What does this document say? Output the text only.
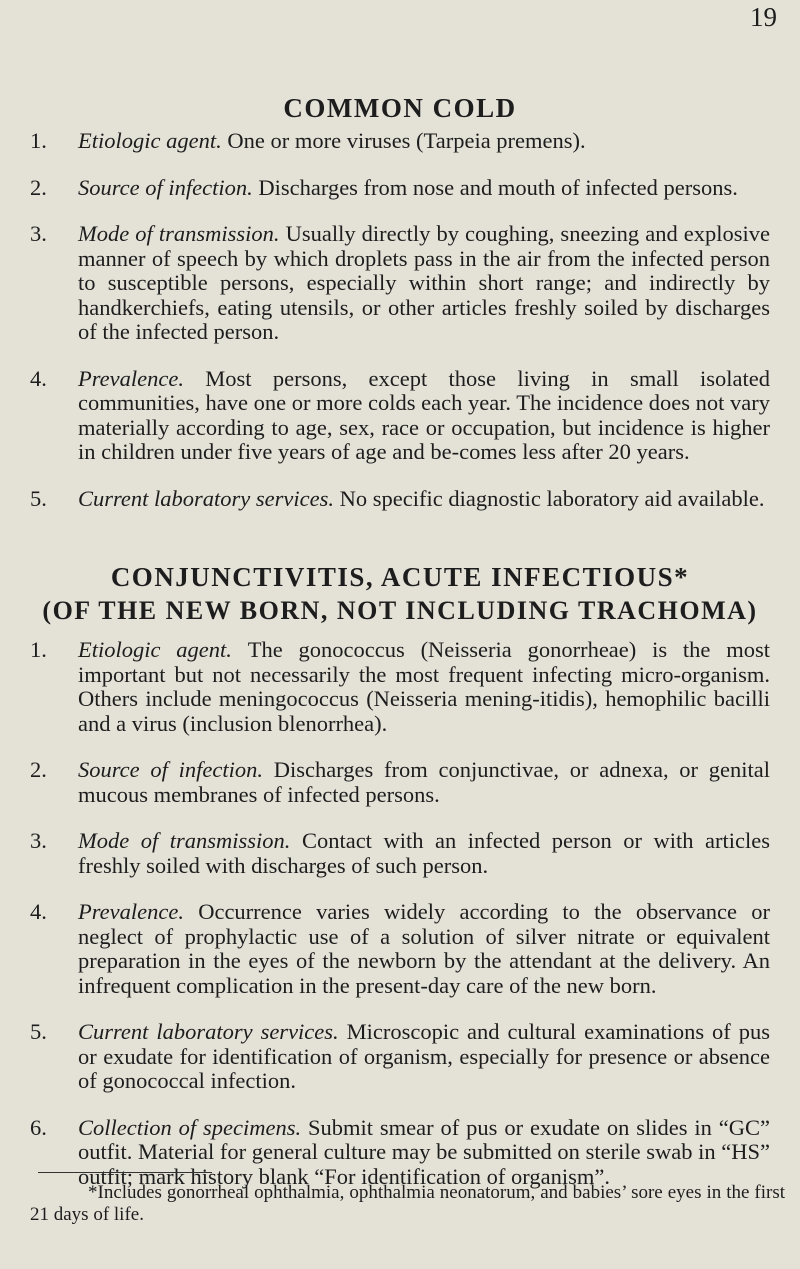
19
COMMON COLD
1. Etiologic agent. One or more viruses (Tarpeia premens).
2. Source of infection. Discharges from nose and mouth of infected persons.
3. Mode of transmission. Usually directly by coughing, sneezing and explosive manner of speech by which droplets pass in the air from the infected person to susceptible persons, especially within short range; and indirectly by handkerchiefs, eating utensils, or other articles freshly soiled by discharges of the infected person.
4. Prevalence. Most persons, except those living in small isolated communities, have one or more colds each year. The incidence does not vary materially according to age, sex, race or occupation, but incidence is higher in children under five years of age and be-comes less after 20 years.
5. Current laboratory services. No specific diagnostic laboratory aid available.
CONJUNCTIVITIS, ACUTE INFECTIOUS*
(OF THE NEW BORN, NOT INCLUDING TRACHOMA)
1. Etiologic agent. The gonococcus (Neisseria gonorrheae) is the most important but not necessarily the most frequent infecting micro-organism. Others include meningococcus (Neisseria mening-itidis), hemophilic bacilli and a virus (inclusion blenorrhea).
2. Source of infection. Discharges from conjunctivae, or adnexa, or genital mucous membranes of infected persons.
3. Mode of transmission. Contact with an infected person or with articles freshly soiled with discharges of such person.
4. Prevalence. Occurrence varies widely according to the observance or neglect of prophylactic use of a solution of silver nitrate or equivalent preparation in the eyes of the newborn by the attendant at the delivery. An infrequent complication in the present-day care of the new born.
5. Current laboratory services. Microscopic and cultural examinations of pus or exudate for identification of organism, especially for presence or absence of gonococcal infection.
6. Collection of specimens. Submit smear of pus or exudate on slides in “GC” outfit. Material for general culture may be submitted on sterile swab in “HS” outfit; mark history blank “For identification of organism”.
*Includes gonorrheal ophthalmia, ophthalmia neonatorum, and babies’ sore eyes in the first 21 days of life.
